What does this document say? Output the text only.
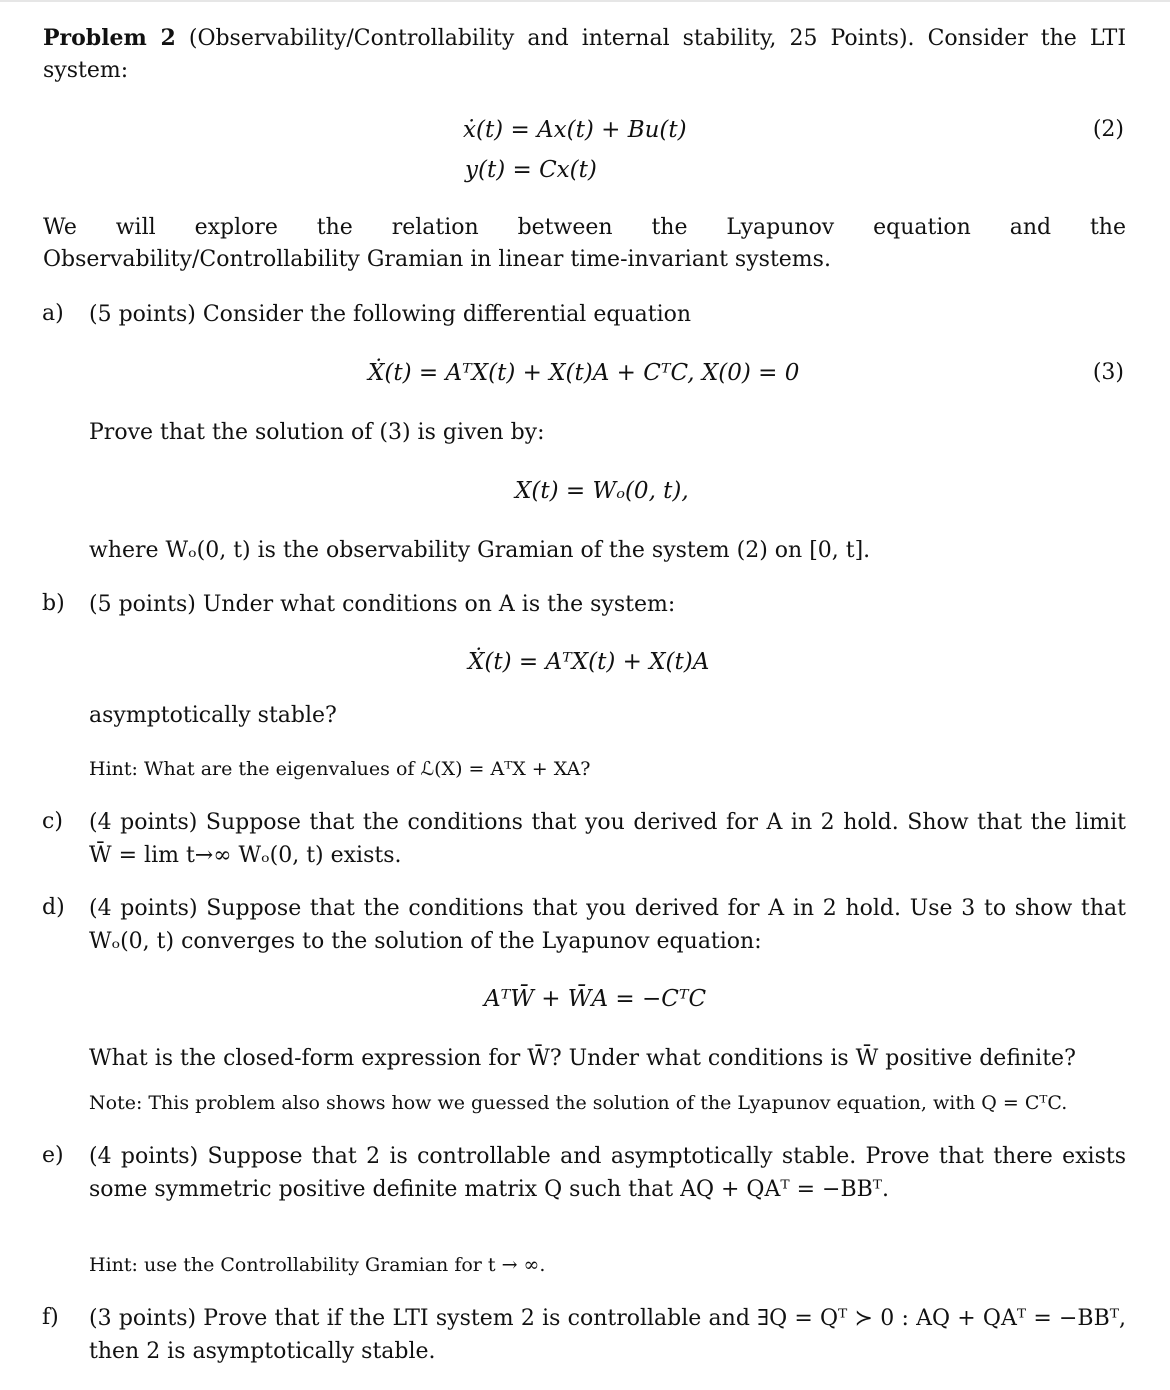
Problem 2 (Observability/Controllability and internal stability, 25 Points). Consider the LTI system:
ẋ(t) = Ax(t) + Bu(t)	(2)
y(t) = Cx(t)
We will explore the relation between the Lyapunov equation and the Observability/Controllability Gramian in linear time-invariant systems.
a) (5 points) Consider the following differential equation
Ẋ(t) = AᵀX(t) + X(t)A + CᵀC, X(0) = 0	(3)
Prove that the solution of (3) is given by:
X(t) = Wₒ(0, t),
where Wₒ(0, t) is the observability Gramian of the system (2) on [0, t].
b) (5 points) Under what conditions on A is the system:
Ẋ(t) = AᵀX(t) + X(t)A
asymptotically stable?
Hint: What are the eigenvalues of ℒ(X) = AᵀX + XA?
c) (4 points) Suppose that the conditions that you derived for A in 2 hold. Show that the limit W̄ = lim t→∞ Wₒ(0, t) exists.
d) (4 points) Suppose that the conditions that you derived for A in 2 hold. Use 3 to show that Wₒ(0, t) converges to the solution of the Lyapunov equation:
AᵀW̄ + W̄A = −CᵀC
What is the closed-form expression for W̄? Under what conditions is W̄ positive definite?
Note: This problem also shows how we guessed the solution of the Lyapunov equation, with Q = CᵀC.
e) (4 points) Suppose that 2 is controllable and asymptotically stable. Prove that there exists some symmetric positive definite matrix Q such that AQ + QAᵀ = −BBᵀ.
Hint: use the Controllability Gramian for t → ∞.
f) (3 points) Prove that if the LTI system 2 is controllable and ∃Q = Qᵀ ≻ 0 : AQ + QAᵀ = −BBᵀ, then 2 is asymptotically stable.
